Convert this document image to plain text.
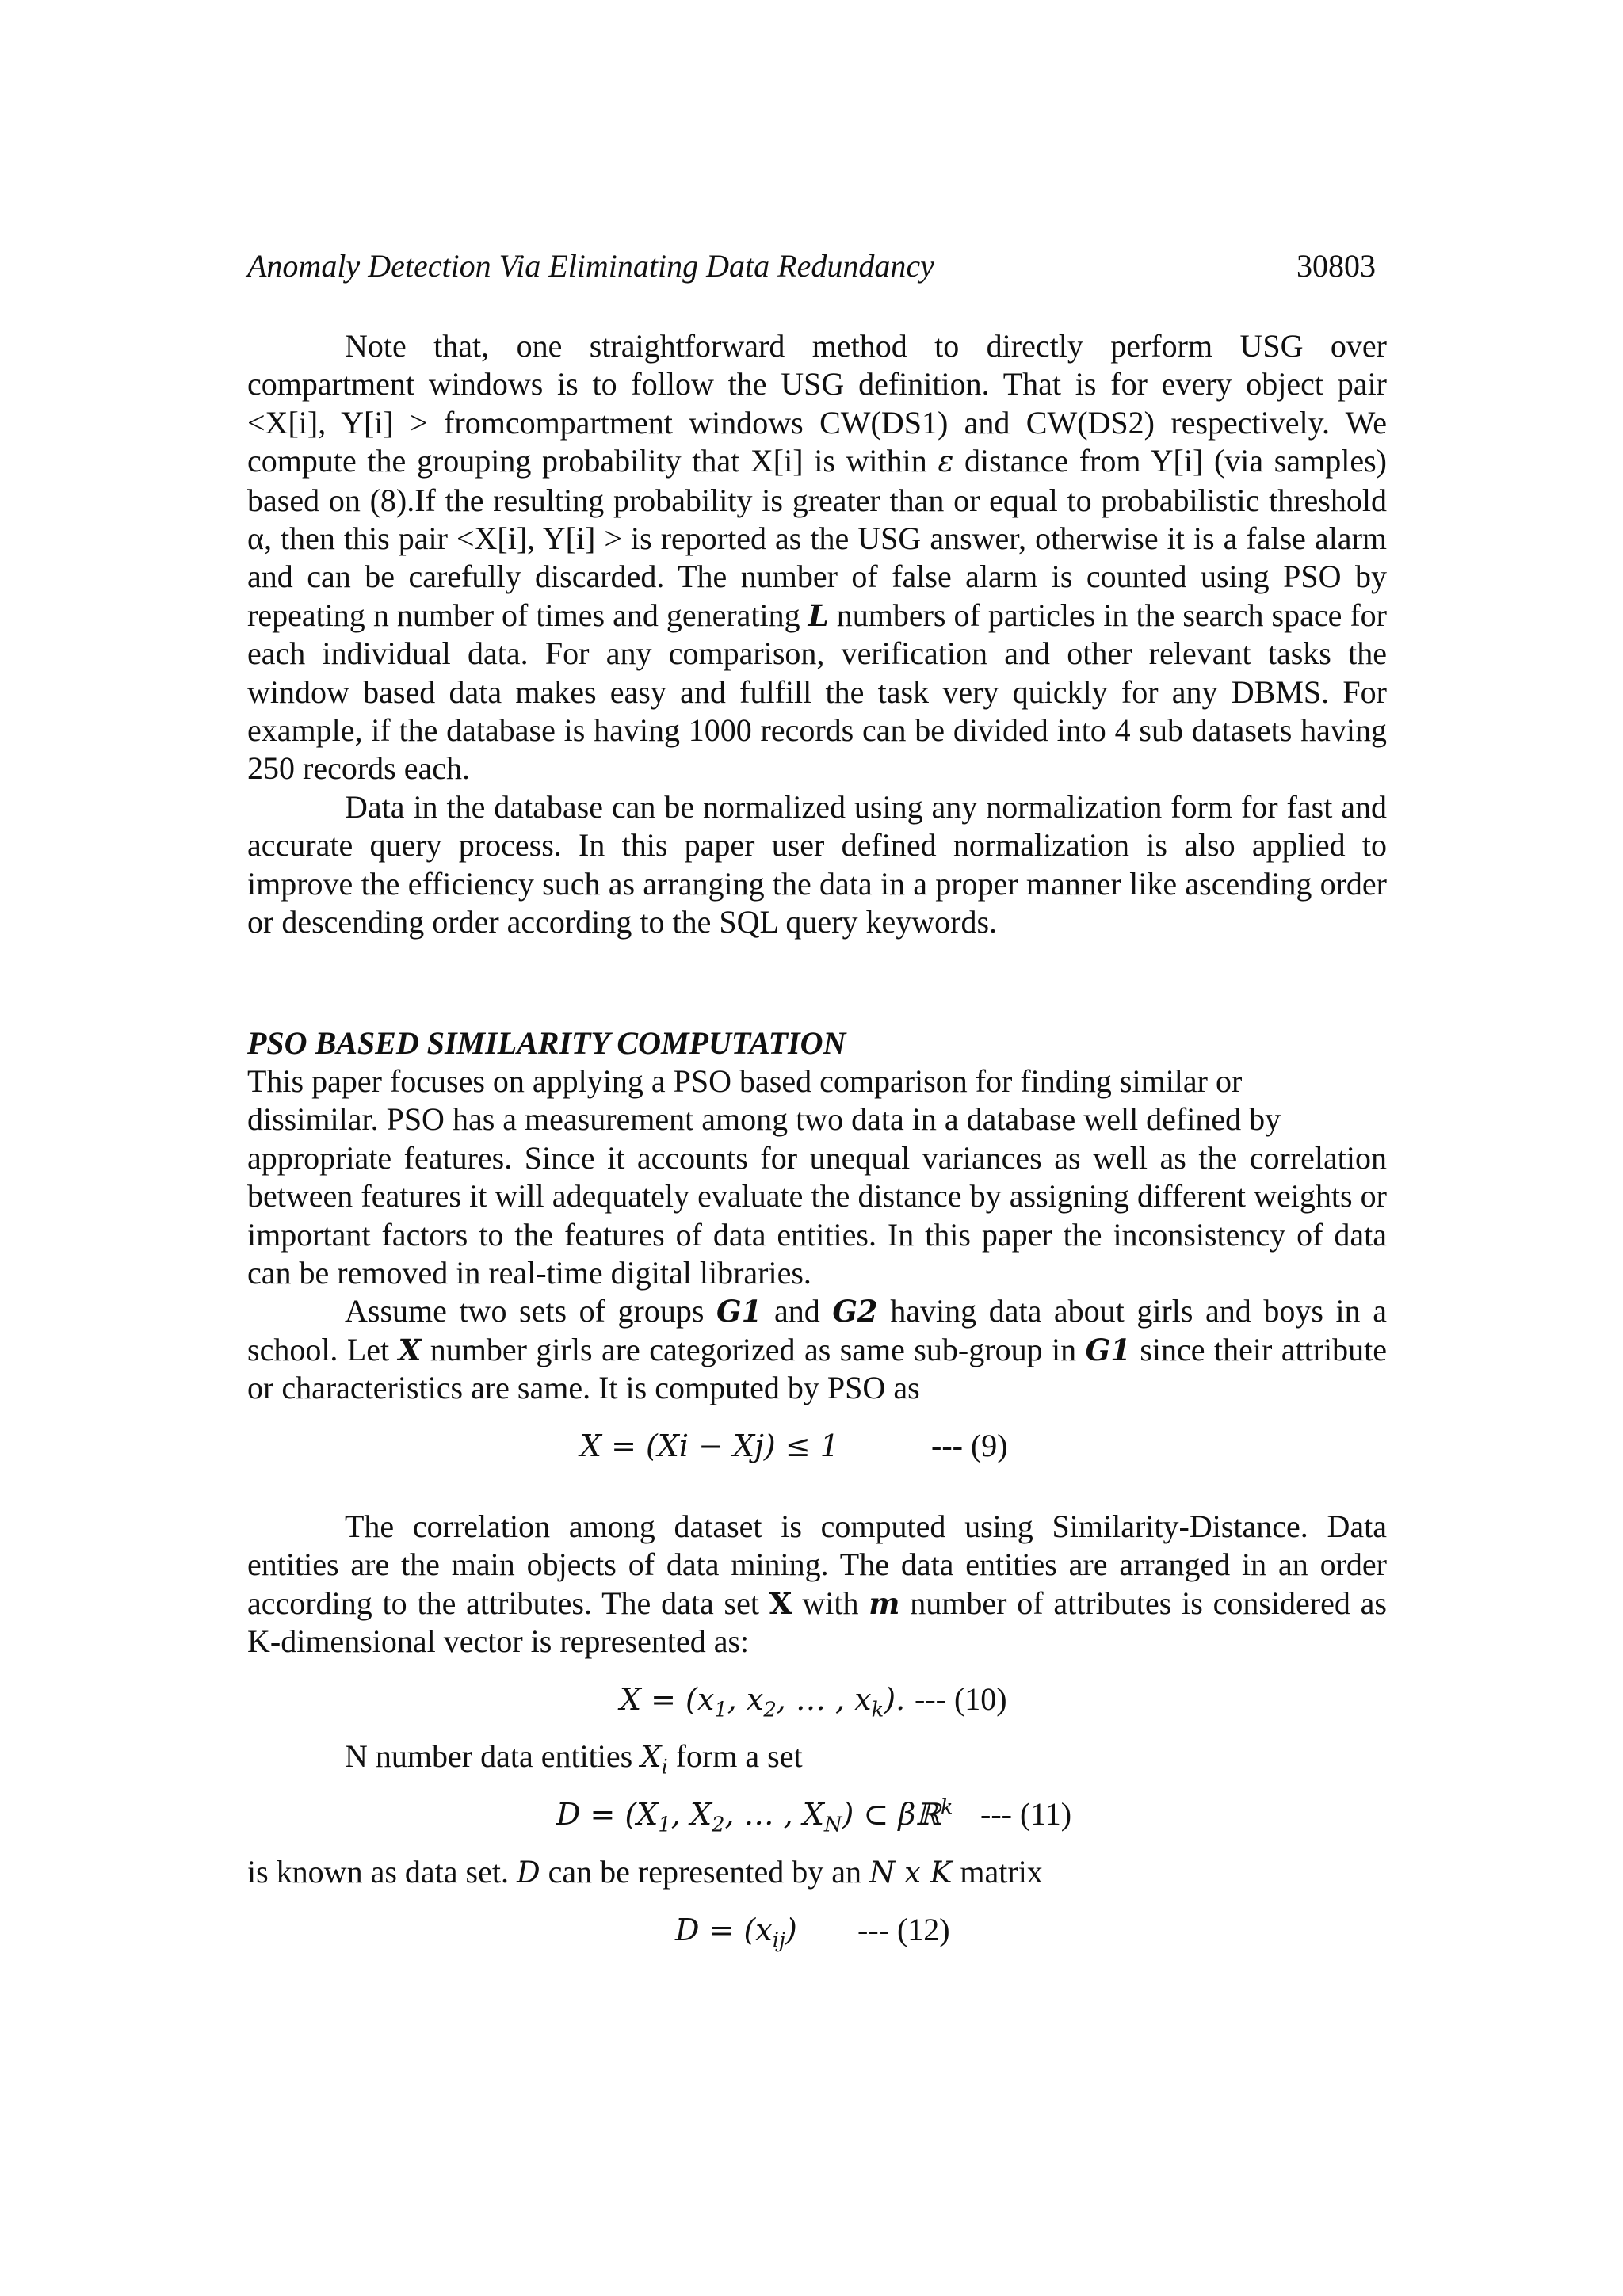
Anomaly Detection Via Eliminating Data Redundancy	30803

Note that, one straightforward method to directly perform USG over compartment windows is to follow the USG definition. That is for every object pair <X[i], Y[i] > fromcompartment windows CW(DS1) and CW(DS2) respectively. We compute the grouping probability that X[i] is within ε distance from Y[i] (via samples) based on (8).If the resulting probability is greater than or equal to probabilistic threshold α, then this pair <X[i], Y[i] > is reported as the USG answer, otherwise it is a false alarm and can be carefully discarded. The number of false alarm is counted using PSO by repeating n number of times and generating L numbers of particles in the search space for each individual data. For any comparison, verification and other relevant tasks the window based data makes easy and fulfill the task very quickly for any DBMS. For example, if the database is having 1000 records can be divided into 4 sub datasets having 250 records each.

Data in the database can be normalized using any normalization form for fast and accurate query process. In this paper user defined normalization is also applied to improve the efficiency such as arranging the data in a proper manner like ascending order or descending order according to the SQL query keywords.

PSO BASED SIMILARITY COMPUTATION

This paper focuses on applying a PSO based comparison for finding similar or
dissimilar. PSO has a measurement among two data in a database well defined by
appropriate features. Since it accounts for unequal variances as well as the correlation between features it will adequately evaluate the distance by assigning different weights or important factors to the features of data entities. In this paper the inconsistency of data can be removed in real-time digital libraries.

Assume two sets of groups G1 and G2 having data about girls and boys in a school. Let X number girls are categorized as same sub-group in G1 since their attribute or characteristics are same. It is computed by PSO as

X = (Xi − Xj) ≤ 1	--- (9)

The correlation among dataset is computed using Similarity-Distance. Data entities are the main objects of data mining. The data entities are arranged in an order according to the attributes. The data set X with m number of attributes is considered as K-dimensional vector is represented as:

$X = (x_1$, $x_2$, … , $x_k$). --- (10)

N number data entities $X_i$ form a set

$D = (X_1$, $X_2$, … , $X_N$) ⊂ βℝ$^k$ --- (11)

is known as data set. D can be represented by an N x K matrix

$D = (x_{ij})$ --- (12)
